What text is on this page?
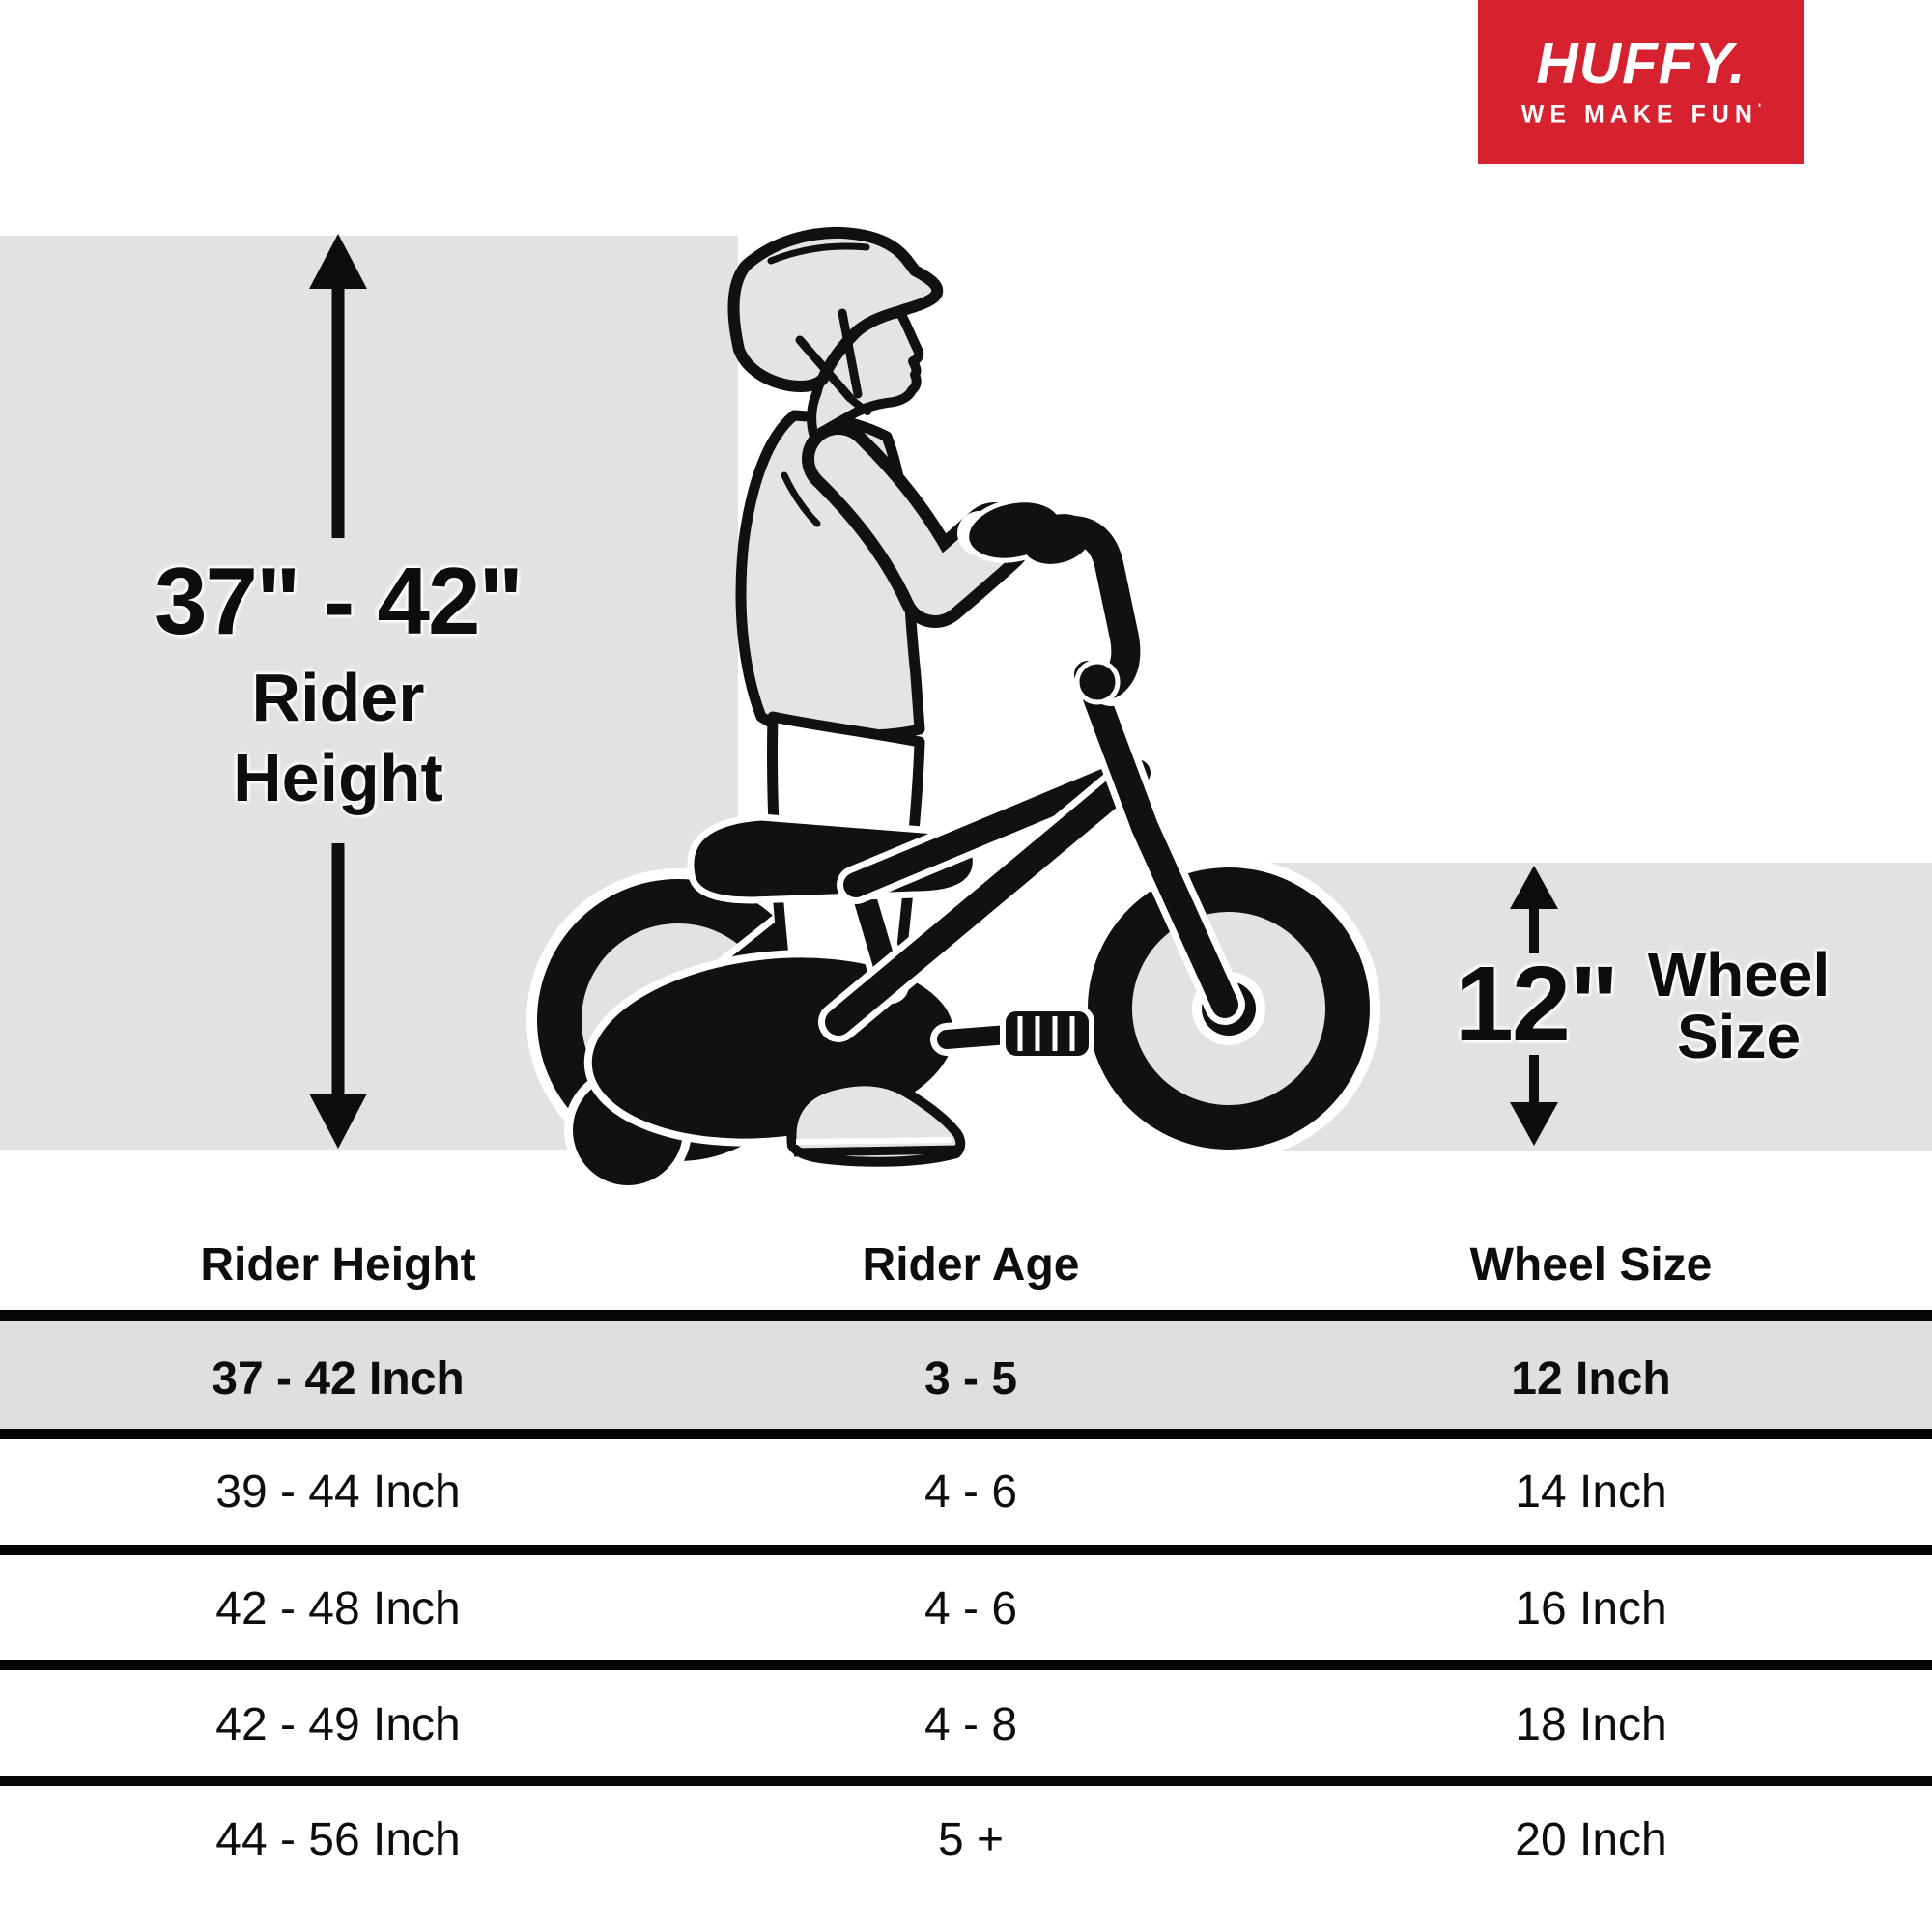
HUFFY.
WE MAKE FUN'
37" - 42"
Rider
Height
12" Wheel
Size
Rider Height	Rider Age	Wheel Size
37 - 42 Inch	3 - 5	12 Inch
39 - 44 Inch	4 - 6	14 Inch
42 - 48 Inch	4 - 6	16 Inch
42 - 49 Inch	4 - 8	18 Inch
44 - 56 Inch	5 +	20 Inch
